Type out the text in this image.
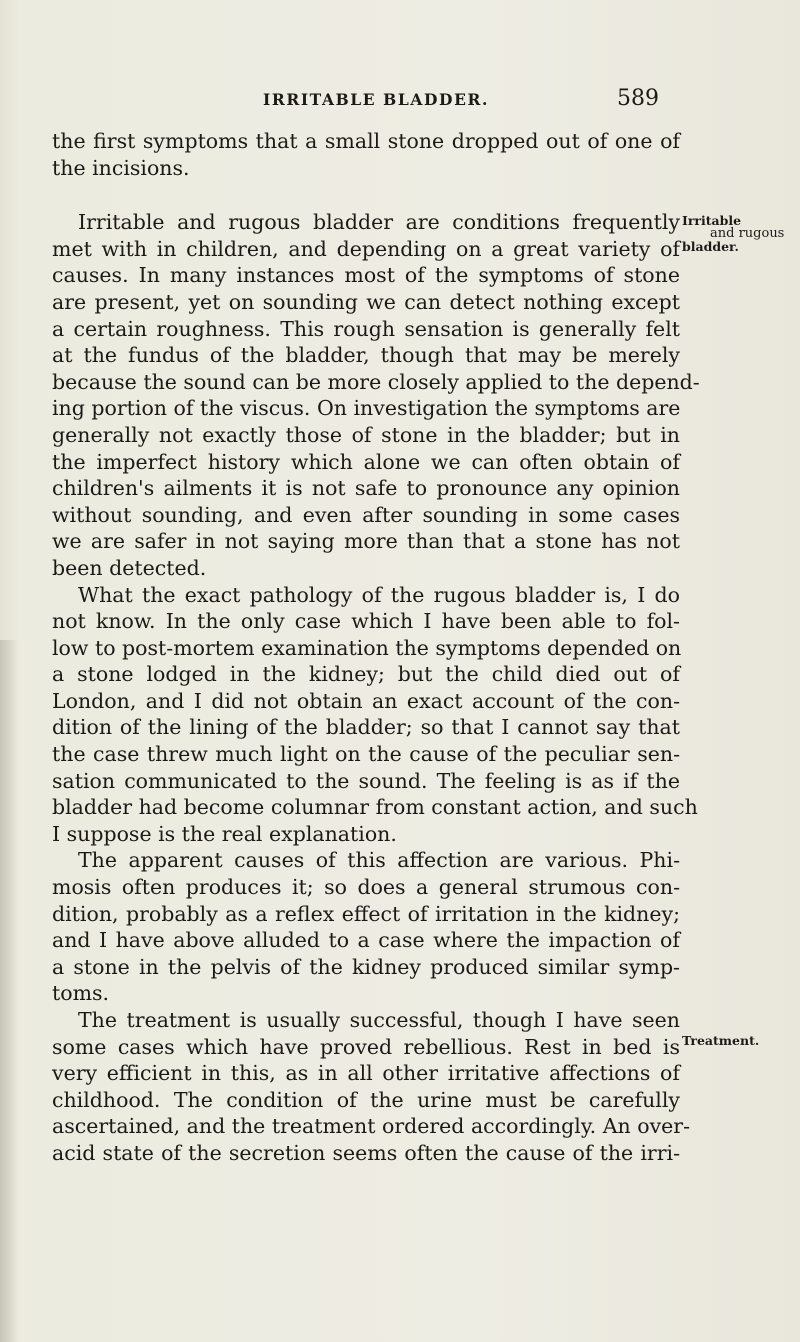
IRRITABLE BLADDER.	589
the first symptoms that a small stone dropped out of one of
the incisions.
Irritable and rugous bladder are conditions frequently
met with in children, and depending on a great variety of
causes. In many instances most of the symptoms of stone
are present, yet on sounding we can detect nothing except
a certain roughness. This rough sensation is generally felt
at the fundus of the bladder, though that may be merely
because the sound can be more closely applied to the depend-
ing portion of the viscus. On investigation the symptoms are
generally not exactly those of stone in the bladder; but in
the imperfect history which alone we can often obtain of
children's ailments it is not safe to pronounce any opinion
without sounding, and even after sounding in some cases
we are safer in not saying more than that a stone has not
been detected.
What the exact pathology of the rugous bladder is, I do
not know. In the only case which I have been able to fol-
low to post-mortem examination the symptoms depended on
a stone lodged in the kidney; but the child died out of
London, and I did not obtain an exact account of the con-
dition of the lining of the bladder; so that I cannot say that
the case threw much light on the cause of the peculiar sen-
sation communicated to the sound. The feeling is as if the
bladder had become columnar from constant action, and such
I suppose is the real explanation.
The apparent causes of this affection are various. Phi-
mosis often produces it; so does a general strumous con-
dition, probably as a reflex effect of irritation in the kidney;
and I have above alluded to a case where the impaction of
a stone in the pelvis of the kidney produced similar symp-
toms.
The treatment is usually successful, though I have seen
some cases which have proved rebellious. Rest in bed is
very efficient in this, as in all other irritative affections of
childhood. The condition of the urine must be carefully
ascertained, and the treatment ordered accordingly. An over-
acid state of the secretion seems often the cause of the irri-
Irritable
and rugous
bladder.
Treatment.
